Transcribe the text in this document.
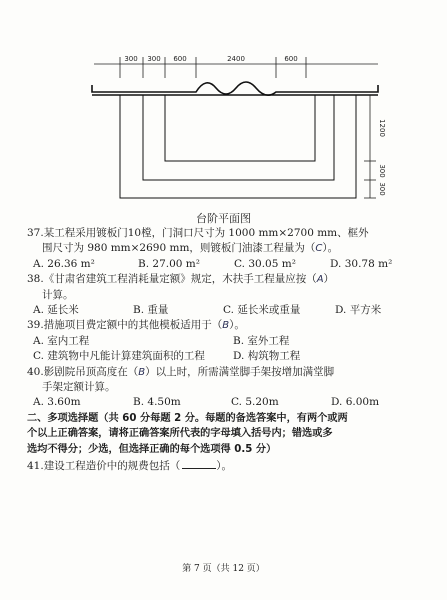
300 300 600	2400	600
1200
300
300
台阶平面图
37.某工程采用镀板门10樘，门洞口尺寸为 1000 mm×2700 mm、框外
围尺寸为 980 mm×2690 mm，则镀板门油漆工程量为（C）。
A. 26.36 m²	B. 27.00 m²	C. 30.05 m²	D. 30.78 m²
38.《甘肃省建筑工程消耗量定额》规定，木扶手工程量应按（A）
计算。
A. 延长米	B. 重量	C. 延长米或重量	D. 平方米
39.措施项目费定额中的其他模板适用于（B）。
A. 室内工程	B. 室外工程
C. 建筑物中凡能计算建筑面积的工程	D. 构筑物工程
40.影剧院吊顶高度在（B）以上时，所需满堂脚手架按增加满堂脚
手架定额计算。
A. 3.60m	B. 4.50m	C. 5.20m	D. 6.00m
二、多项选择题（共 60 分每题 2 分。每题的备选答案中，有两个或两
个以上正确答案，请将正确答案所代表的字母填入括号内；错选或多
选均不得分；少选，但选择正确的每个选项得 0.5 分）
41.建设工程造价中的规费包括（	）。
第 7 页（共 12 页）
